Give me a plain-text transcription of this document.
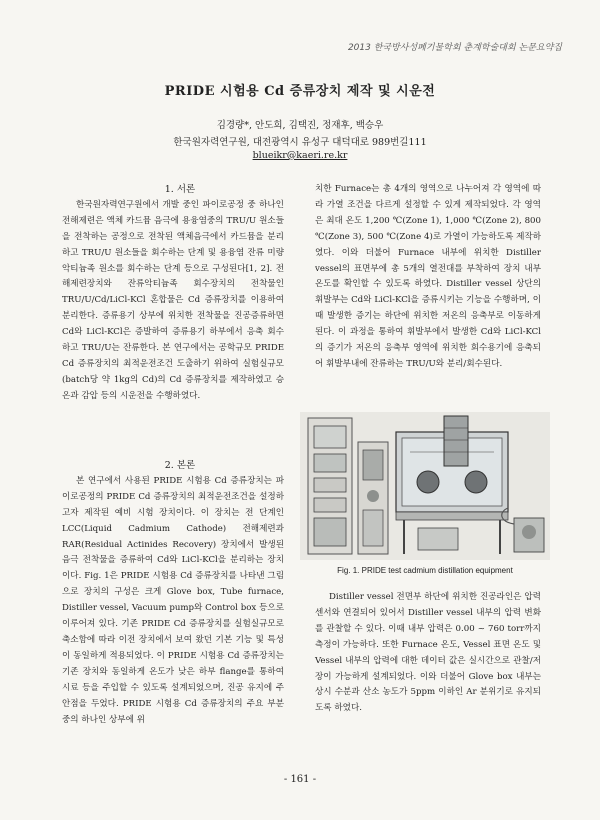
2013 한국방사성폐기물학회 춘계학술대회 논문요약집
PRIDE 시험용 Cd 증류장치 제작 및 시운전
김경량*, 안도희, 김택진, 정재후, 백승우
한국원자력연구원, 대전광역시 유성구 대덕대로 989번길111
blueikr@kaeri.re.kr

1. 서론

한국원자력연구원에서 개발 중인 파이로공정 중 하나인 전해제련은 액체 카드뮴 음극에 용융염중의 TRU/U 원소들을 전착하는 공정으로 전착된 액체음극에서 카드뮴을 분리하고 TRU/U 원소들을 회수하는 단계 및 용융염 잔류 미량 악티늄족 원소를 회수하는 단계 등으로 구성된다[1, 2]. 전해제련장치와 잔류악티늄족 회수장치의 전착물인 TRU/U/Cd/LiCl-KCl 혼합물은 Cd 증류장치를 이용하여 분리한다. 증류용기 상부에 위치한 전착물을 진공증류하면 Cd와 LiCl-KCl은 증발하여 증류용기 하부에서 응축 회수하고 TRU/U는 잔류한다. 본 연구에서는 공학규모 PRIDE Cd 증류장치의 최적운전조건 도출하기 위하여 실험실규모(batch당 약 1kg의 Cd)의 Cd 증류장치를 제작하였고 승온과 감압 등의 시운전을 수행하였다.

2. 본론

본 연구에서 사용된 PRIDE 시험용 Cd 증류장치는 파이로공정의 PRIDE Cd 증류장치의 최적운전조건을 설정하고자 제작된 예비 시험 장치이다. 이 장치는 전 단계인 LCC(Liquid Cadmium Cathode) 전해제련과 RAR(Residual Actinides Recovery) 장치에서 발생된 음극 전착물을 증류하여 Cd와 LiCl-KCl을 분리하는 장치이다. Fig. 1은 PRIDE 시험용 Cd 증류장치를 나타낸 그림으로 장치의 구성은 크게 Glove box, Tube furnace, Distiller vessel, Vacuum pump와 Control box 등으로 이루어져 있다. 기존 PRIDE Cd 증류장치를 실험실규모로 축소함에 따라 이전 장치에서 보여 왔던 기본 기능 및 특성이 동일하게 적용되었다. 이 PRIDE 시험용 Cd 증류장치는 기존 장치와 동일하게 온도가 낮은 하부 flange를 통하여 시료 등을 주입할 수 있도록 설계되었으며, 진공 유지에 주안점을 두었다. PRIDE 시험용 Cd 증류장치의 주요 부분 중의 하나인 상부에 위

치한 Furnace는 총 4개의 영역으로 나누어져 각 영역에 따라 가열 조건을 다르게 설정할 수 있게 제작되었다. 각 영역은 최대 온도 1,200 ℃(Zone 1), 1,000 ℃(Zone 2), 800 ℃(Zone 3), 500 ℃(Zone 4)로 가열이 가능하도록 제작하였다. 이와 더불어 Furnace 내부에 위치한 Distiller vessel의 표면부에 총 5개의 열전대를 부착하여 장치 내부 온도를 확인할 수 있도록 하였다. Distiller vessel 상단의 휘발부는 Cd와 LiCl-KCl을 증류시키는 기능을 수행하며, 이때 발생한 증기는 하단에 위치한 저온의 응축부로 이동하게 된다. 이 과정을 통하여 휘발부에서 발생한 Cd와 LiCl-KCl의 증기가 저온의 응축부 영역에 위치한 회수용기에 응축되어 휘발부내에 잔류하는 TRU/U와 분리/회수된다.

Fig. 1. PRIDE test cadmium distillation equipment

Distiller vessel 전면부 하단에 위치한 진공라인은 압력 센서와 연결되어 있어서 Distiller vessel 내부의 압력 변화를 관찰할 수 있다. 이때 내부 압력은 0.00 ~ 760 torr까지 측정이 가능하다. 또한 Furnace 온도, Vessel 표면 온도 및 Vessel 내부의 압력에 대한 데이터 값은 실시간으로 관찰/저장이 가능하게 설계되었다. 이와 더불어 Glove box 내부는 상시 수분과 산소 농도가 5ppm 이하인 Ar 분위기로 유지되도록 하였다.

- 161 -
